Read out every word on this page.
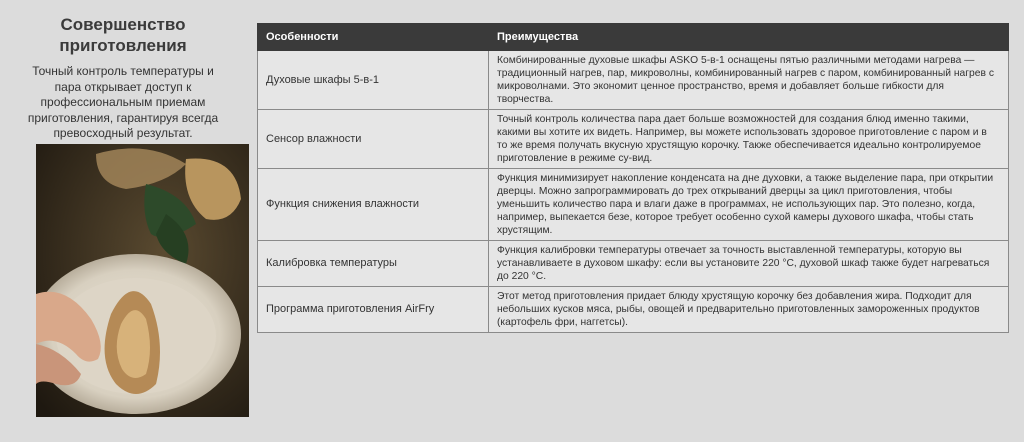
Совершенство приготовления

Точный контроль температуры и пара открывает доступ к профессиональным приемам приготовления, гарантируя всегда превосходный результат.

Особенности	Преимущества
Духовые шкафы 5-в-1	Комбинированные духовые шкафы ASKO 5-в-1 оснащены пятью различными методами нагрева — традиционный нагрев, пар, микроволны, комбинированный нагрев с паром, комбинированный нагрев с микроволнами. Это экономит ценное пространство, время и добавляет больше гибкости для творчества.
Сенсор влажности	Точный контроль количества пара дает больше возможностей для создания блюд именно такими, какими вы хотите их видеть. Например, вы можете использовать здоровое приготовление с паром и в то же время получать вкусную хрустящую корочку. Также обеспечивается идеально контролируемое приготовление в режиме су-вид.
Функция снижения влажности	Функция минимизирует накопление конденсата на дне духовки, а также выделение пара, при открытии дверцы. Можно запрограммировать до трех открываний дверцы за цикл приготовления, чтобы уменьшить количество пара и влаги даже в программах, не использующих пар. Это полезно, когда, например, выпекается безе, которое требует особенно сухой камеры духового шкафа, чтобы стать хрустящим.
Калибровка температуры	Функция калибровки температуры отвечает за точность выставленной температуры, которую вы устанавливаете в духовом шкафу: если вы установите 220 °C, духовой шкаф также будет нагреваться до 220 °C.
Программа приготовления AirFry	Этот метод приготовления придает блюду хрустящую корочку без добавления жира. Подходит для небольших кусков мяса, рыбы, овощей и предварительно приготовленных замороженных продуктов (картофель фри, наггетсы).
